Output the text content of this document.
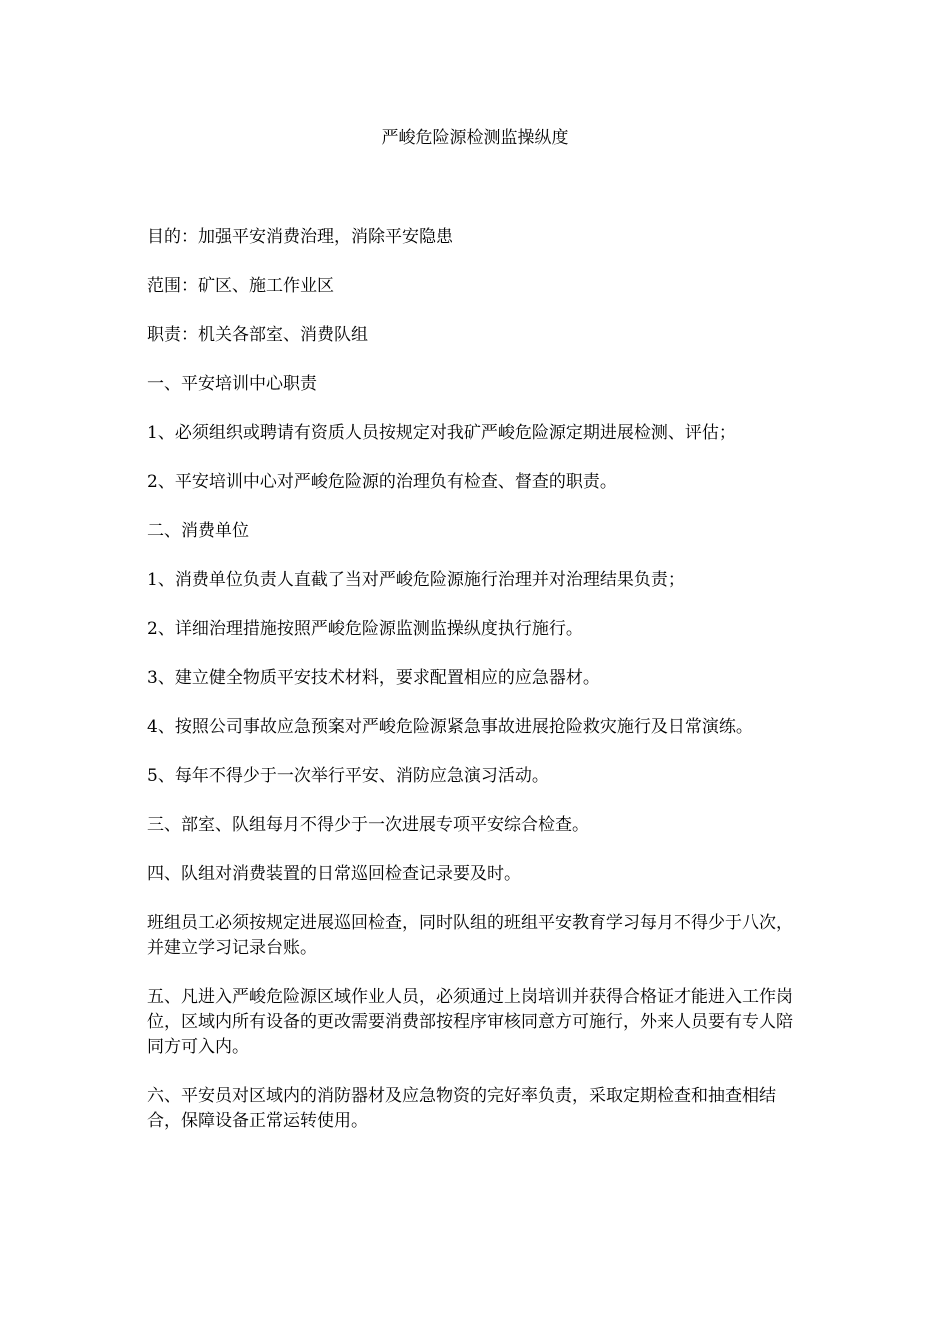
严峻危险源检测监操纵度

目的：加强平安消费治理，消除平安隐患

范围：矿区、施工作业区

职责：机关各部室、消费队组

一、平安培训中心职责

1、必须组织或聘请有资质人员按规定对我矿严峻危险源定期进展检测、评估；

2、平安培训中心对严峻危险源的治理负有检查、督查的职责。

二、消费单位

1、消费单位负责人直截了当对严峻危险源施行治理并对治理结果负责；

2、详细治理措施按照严峻危险源监测监操纵度执行施行。

3、建立健全物质平安技术材料，要求配置相应的应急器材。

4、按照公司事故应急预案对严峻危险源紧急事故进展抢险救灾施行及日常演练。

5、每年不得少于一次举行平安、消防应急演习活动。

三、部室、队组每月不得少于一次进展专项平安综合检查。

四、队组对消费装置的日常巡回检查记录要及时。

班组员工必须按规定进展巡回检查，同时队组的班组平安教育学习每月不得少于八次，并建立学习记录台账。

五、凡进入严峻危险源区域作业人员，必须通过上岗培训并获得合格证才能进入工作岗位，区域内所有设备的更改需要消费部按程序审核同意方可施行，外来人员要有专人陪同方可入内。

六、平安员对区域内的消防器材及应急物资的完好率负责，采取定期检查和抽查相结合，保障设备正常运转使用。
